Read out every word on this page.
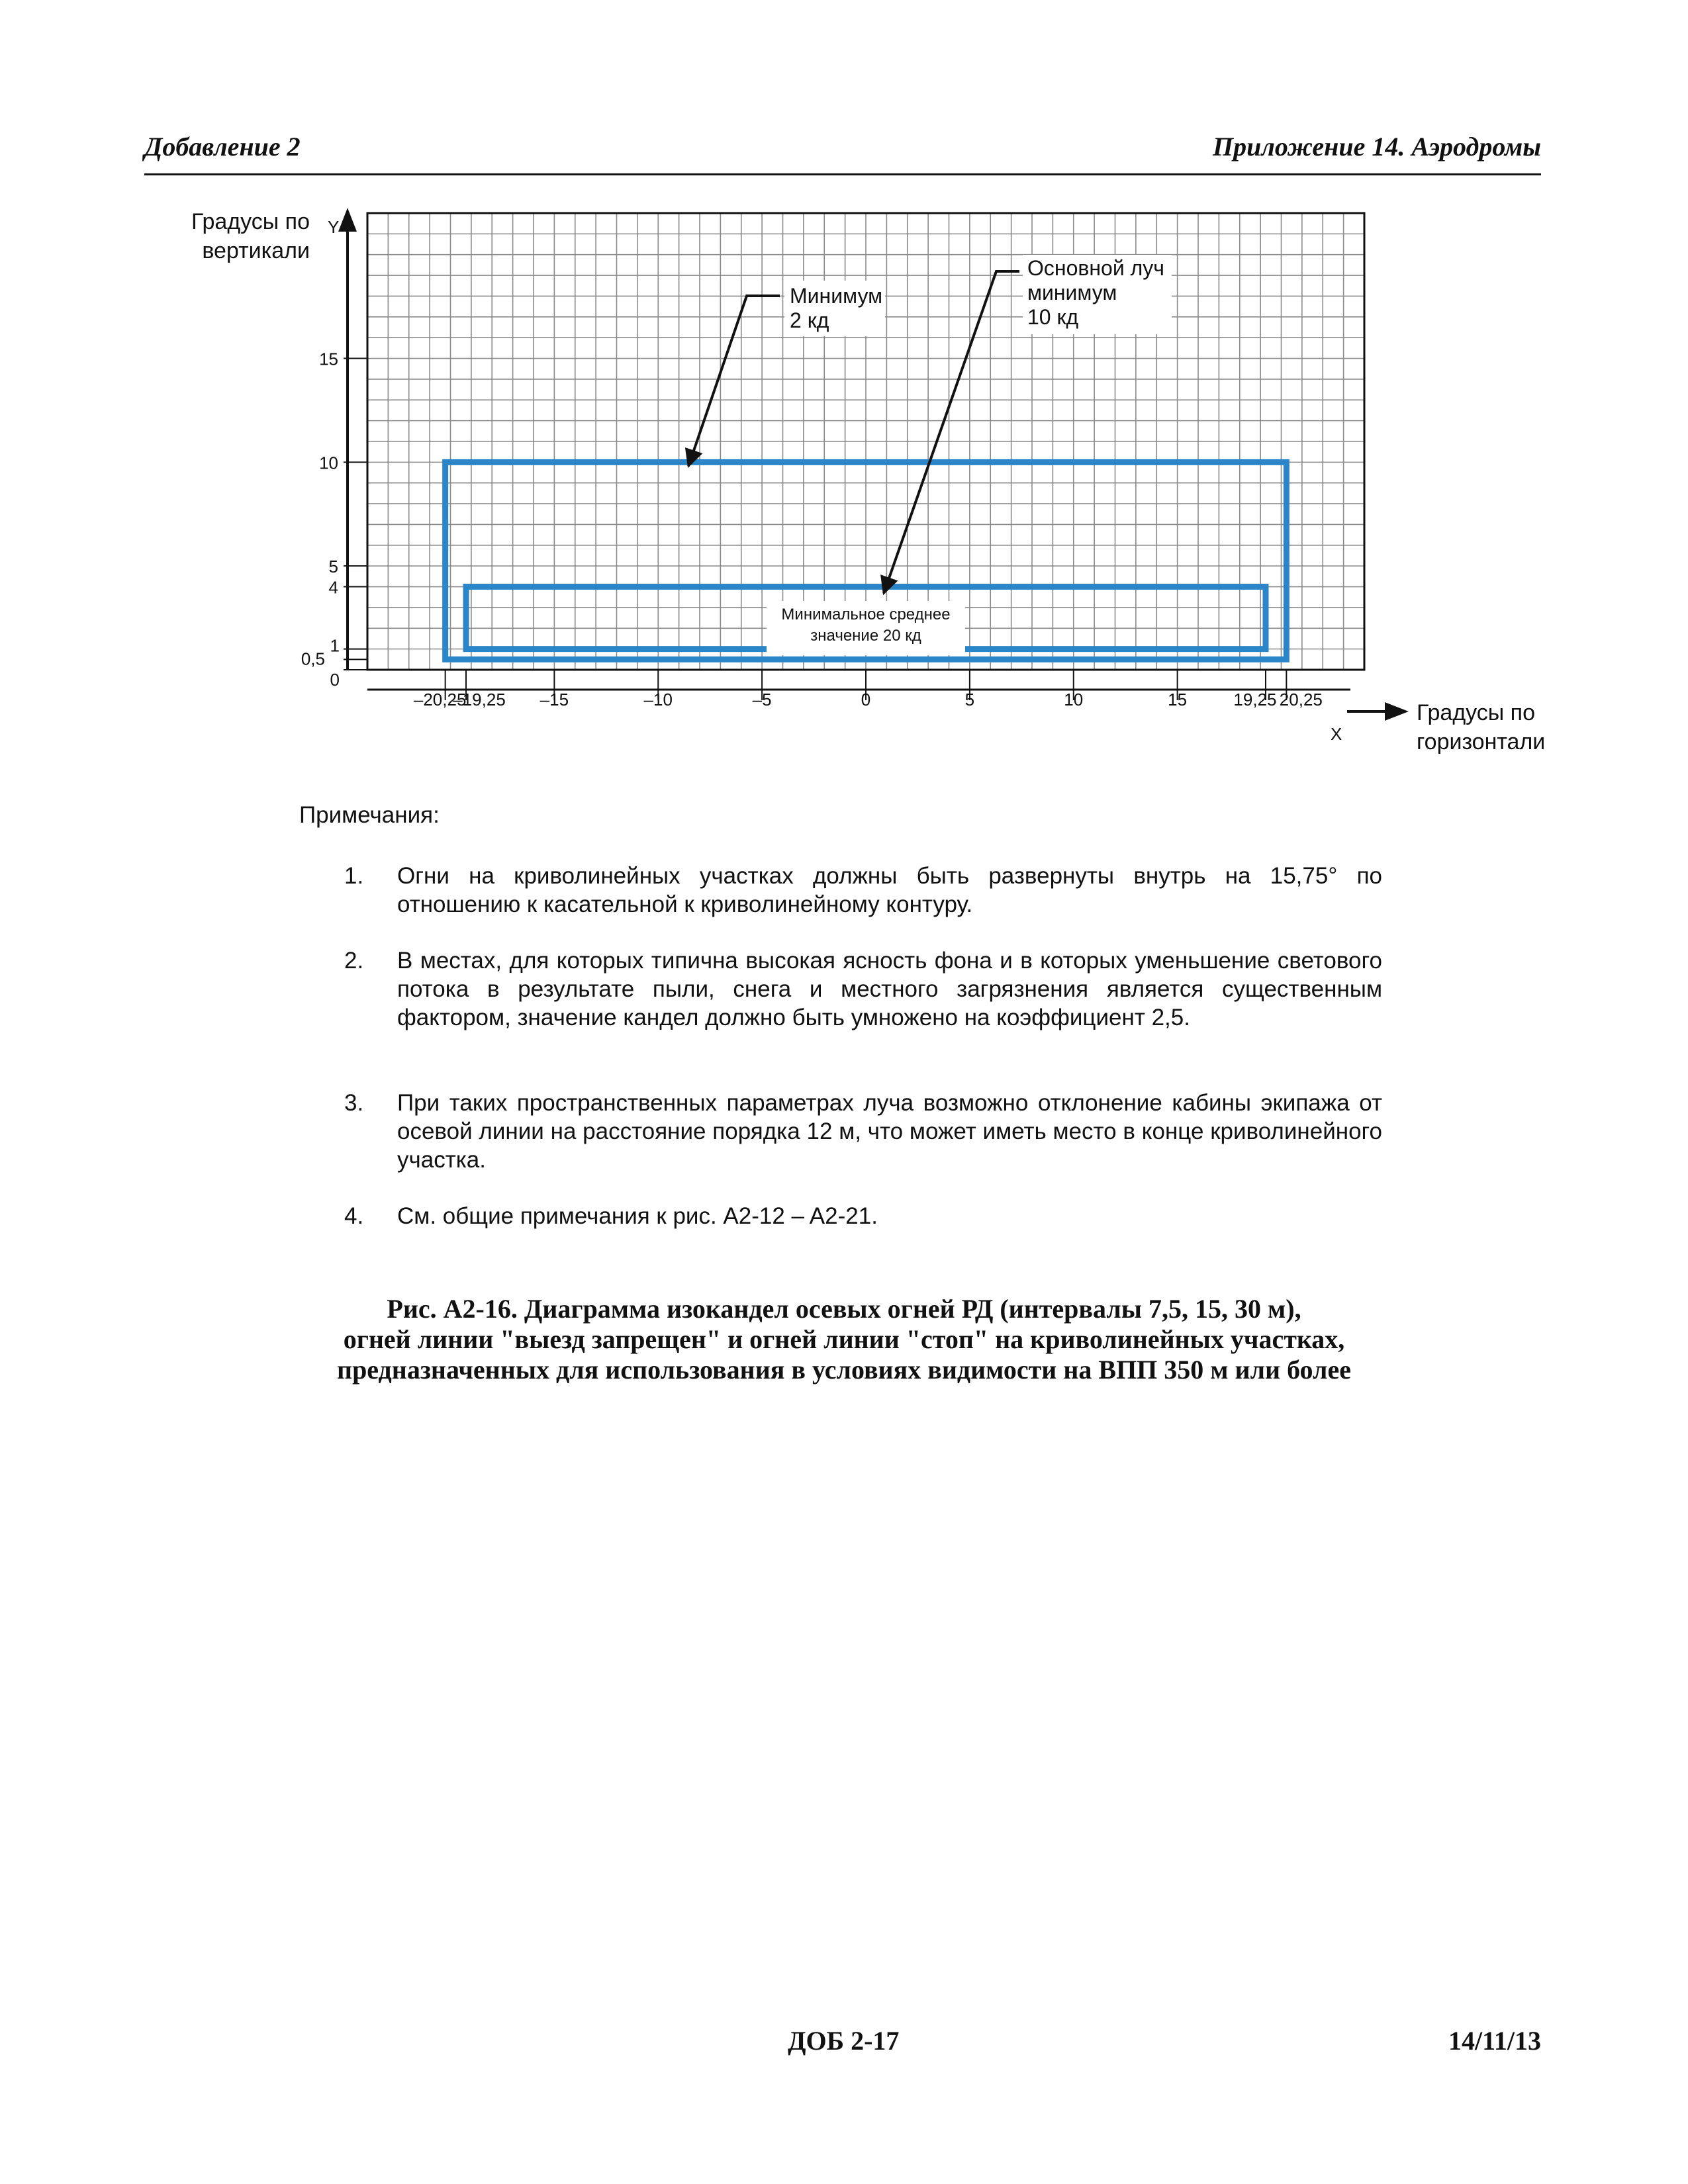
Добавление 2	Приложение 14. Аэродромы
Y
Градусы по
вертикали
0
0,5
1
4
5
10
15
X
Градусы по
горизонтали
–20,25
–19,25 –15	–10	–5	0	5	10	15	19,25 20,25
Минимум
2 кд
Основной луч
минимум
10 кд
Минимальное среднее
значение 20 кд
Примечания:
1.	Огни на криволинейных участках должны быть развернуты внутрь на 15,75° по отношению к касательной к криволинейному контуру.
2.	В местах, для которых типична высокая ясность фона и в которых уменьшение светового потока в результате пыли, снега и местного загрязнения является существенным фактором, значение кандел должно быть умножено на коэффициент 2,5.
3.	При таких пространственных параметрах луча возможно отклонение кабины экипажа от осевой линии на расстояние порядка 12 м, что может иметь место в конце криволинейного участка.
4.	См. общие примечания к рис. A2-12 – A2-21.
Рис. A2-16. Диаграмма изокандел осевых огней РД (интервалы 7,5, 15, 30 м),
огней линии "выезд запрещен" и огней линии "стоп" на криволинейных участках,
предназначенных для использования в условиях видимости на ВПП 350 м или более
ДОБ 2-17	14/11/13
